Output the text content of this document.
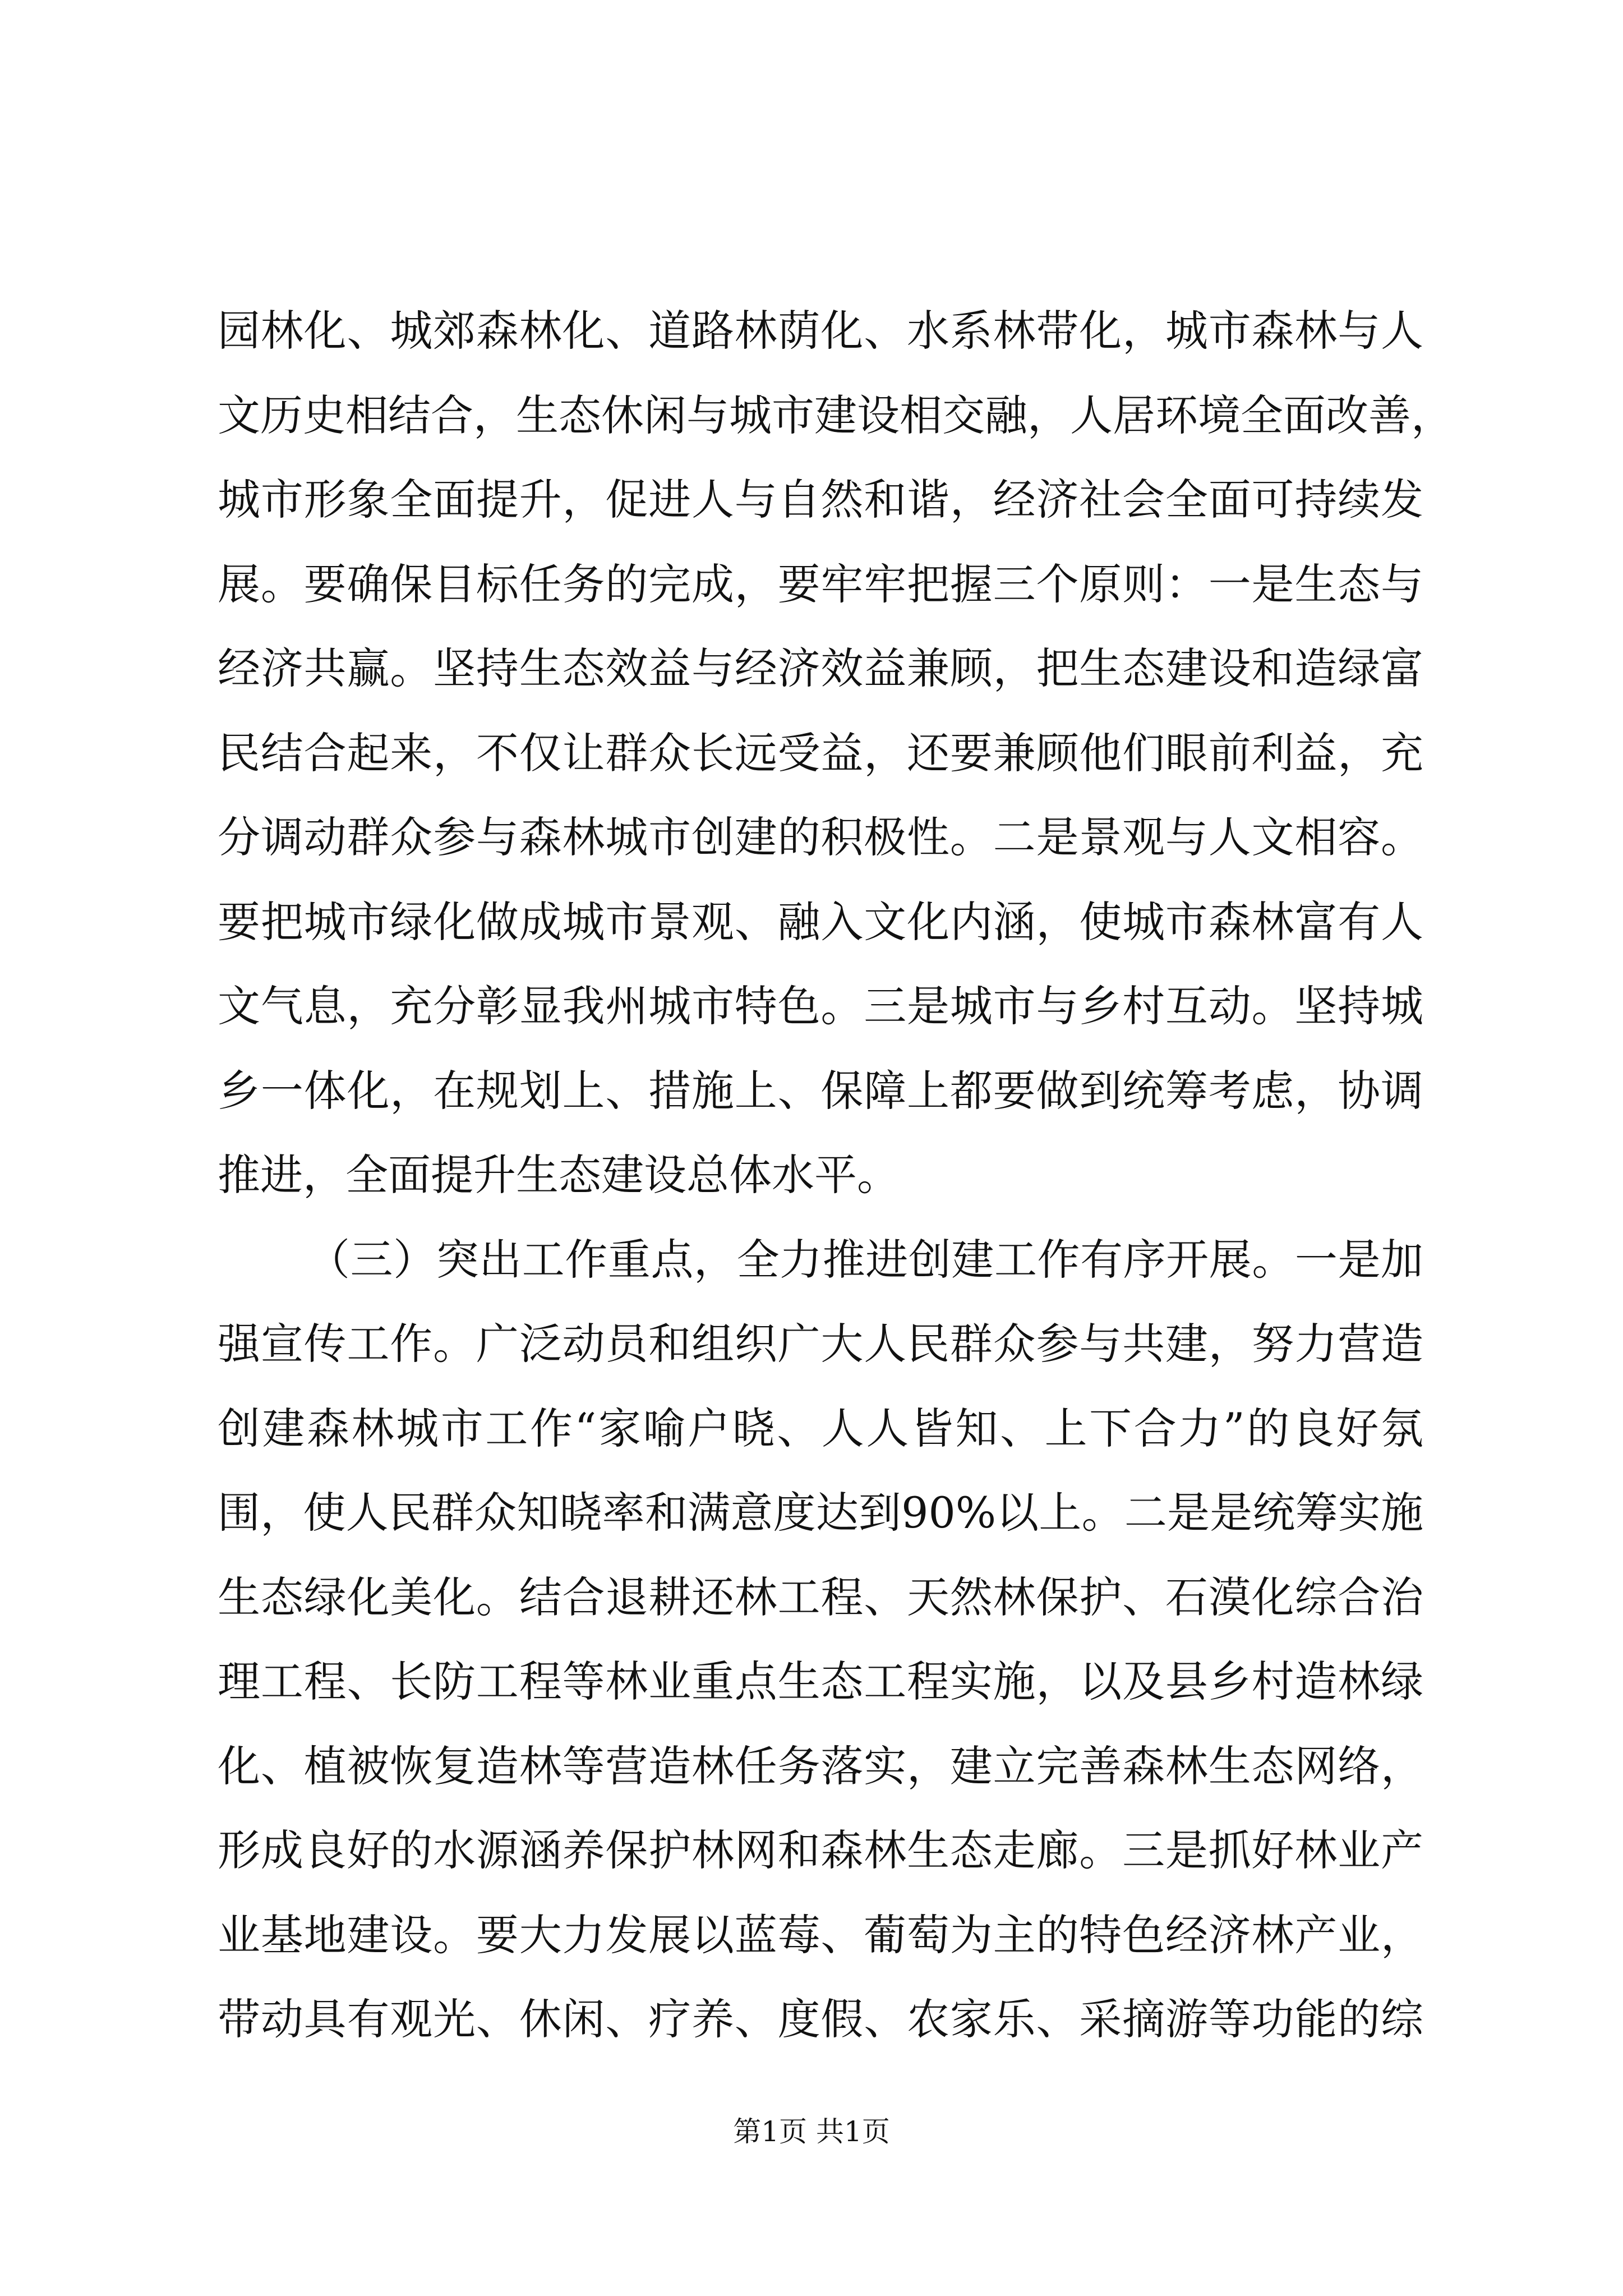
园林化、城郊森林化、道路林荫化、水系林带化，城市森林与人
文历史相结合，生态休闲与城市建设相交融，人居环境全面改善，
城市形象全面提升，促进人与自然和谐，经济社会全面可持续发
展。要确保目标任务的完成，要牢牢把握三个原则：一是生态与
经济共赢。坚持生态效益与经济效益兼顾，把生态建设和造绿富
民结合起来，不仅让群众长远受益，还要兼顾他们眼前利益，充
分调动群众参与森林城市创建的积极性。二是景观与人文相容。
要把城市绿化做成城市景观、融入文化内涵，使城市森林富有人
文气息，充分彰显我州城市特色。三是城市与乡村互动。坚持城
乡一体化，在规划上、措施上、保障上都要做到统筹考虑，协调
推进，全面提升生态建设总体水平。
（三）突出工作重点，全力推进创建工作有序开展。一是加
强宣传工作。广泛动员和组织广大人民群众参与共建，努力营造
创建森林城市工作“家喻户晓、人人皆知、上下合力”的良好氛
围，使人民群众知晓率和满意度达到90%以上。二是是统筹实施
生态绿化美化。结合退耕还林工程、天然林保护、石漠化综合治
理工程、长防工程等林业重点生态工程实施，以及县乡村造林绿
化、植被恢复造林等营造林任务落实，建立完善森林生态网络，
形成良好的水源涵养保护林网和森林生态走廊。三是抓好林业产
业基地建设。要大力发展以蓝莓、葡萄为主的特色经济林产业，
带动具有观光、休闲、疗养、度假、农家乐、采摘游等功能的综
第1页 共1页
